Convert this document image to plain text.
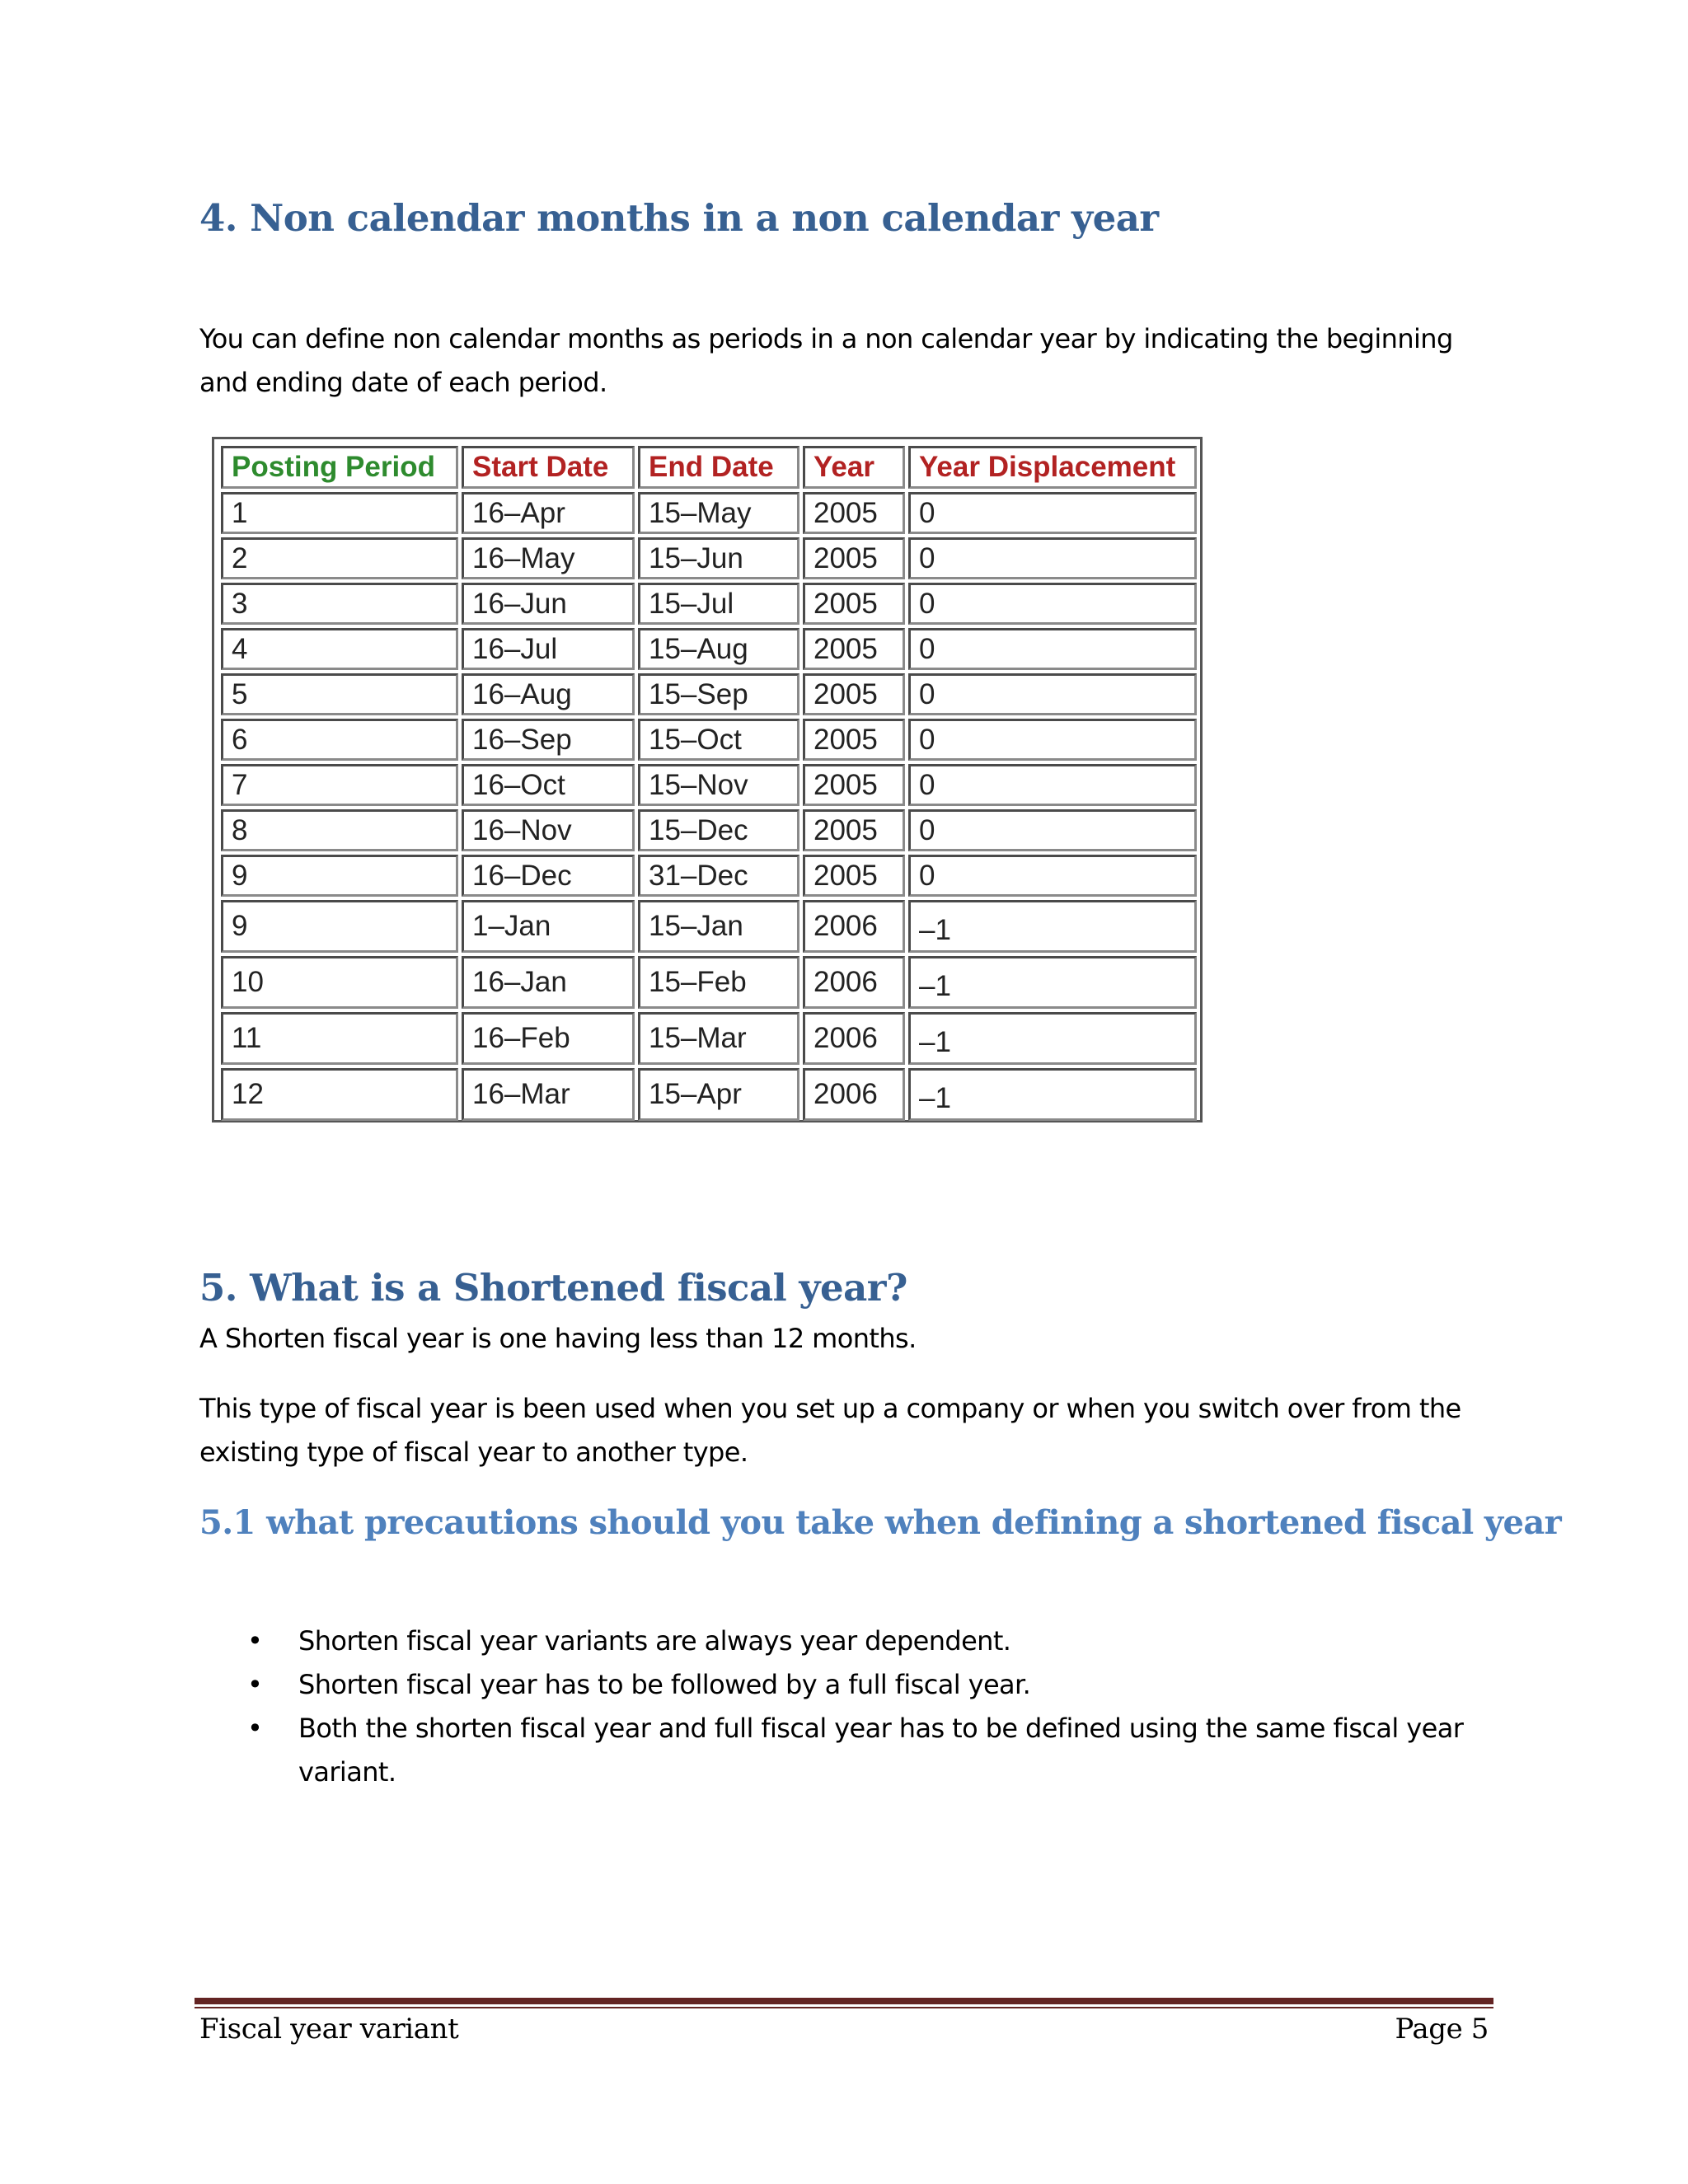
4. Non calendar months in a non calendar year

You can define non calendar months as periods in a non calendar year by indicating the beginning and ending date of each period.

Posting Period	Start Date	End Date	Year	Year Displacement
1	16–Apr	15–May	2005	0
2	16–May	15–Jun	2005	0
3	16–Jun	15–Jul	2005	0
4	16–Jul	15–Aug	2005	0
5	16–Aug	15–Sep	2005	0
6	16–Sep	15–Oct	2005	0
7	16–Oct	15–Nov	2005	0
8	16–Nov	15–Dec	2005	0
9	16–Dec	31–Dec	2005	0
9	1–Jan	15–Jan	2006	–1
10	16–Jan	15–Feb	2006	–1
11	16–Feb	15–Mar	2006	–1
12	16–Mar	15–Apr	2006	–1
5. What is a Shortened fiscal year?

A Shorten fiscal year is one having less than 12 months.

This type of fiscal year is been used when you set up a company or when you switch over from the existing type of fiscal year to another type.

5.1 what precautions should you take when defining a shortened fiscal year
• Shorten fiscal year variants are always year dependent.
• Shorten fiscal year has to be followed by a full fiscal year.
• Both the shorten fiscal year and full fiscal year has to be defined using the same fiscal year variant.
Fiscal year variant	Page 5
